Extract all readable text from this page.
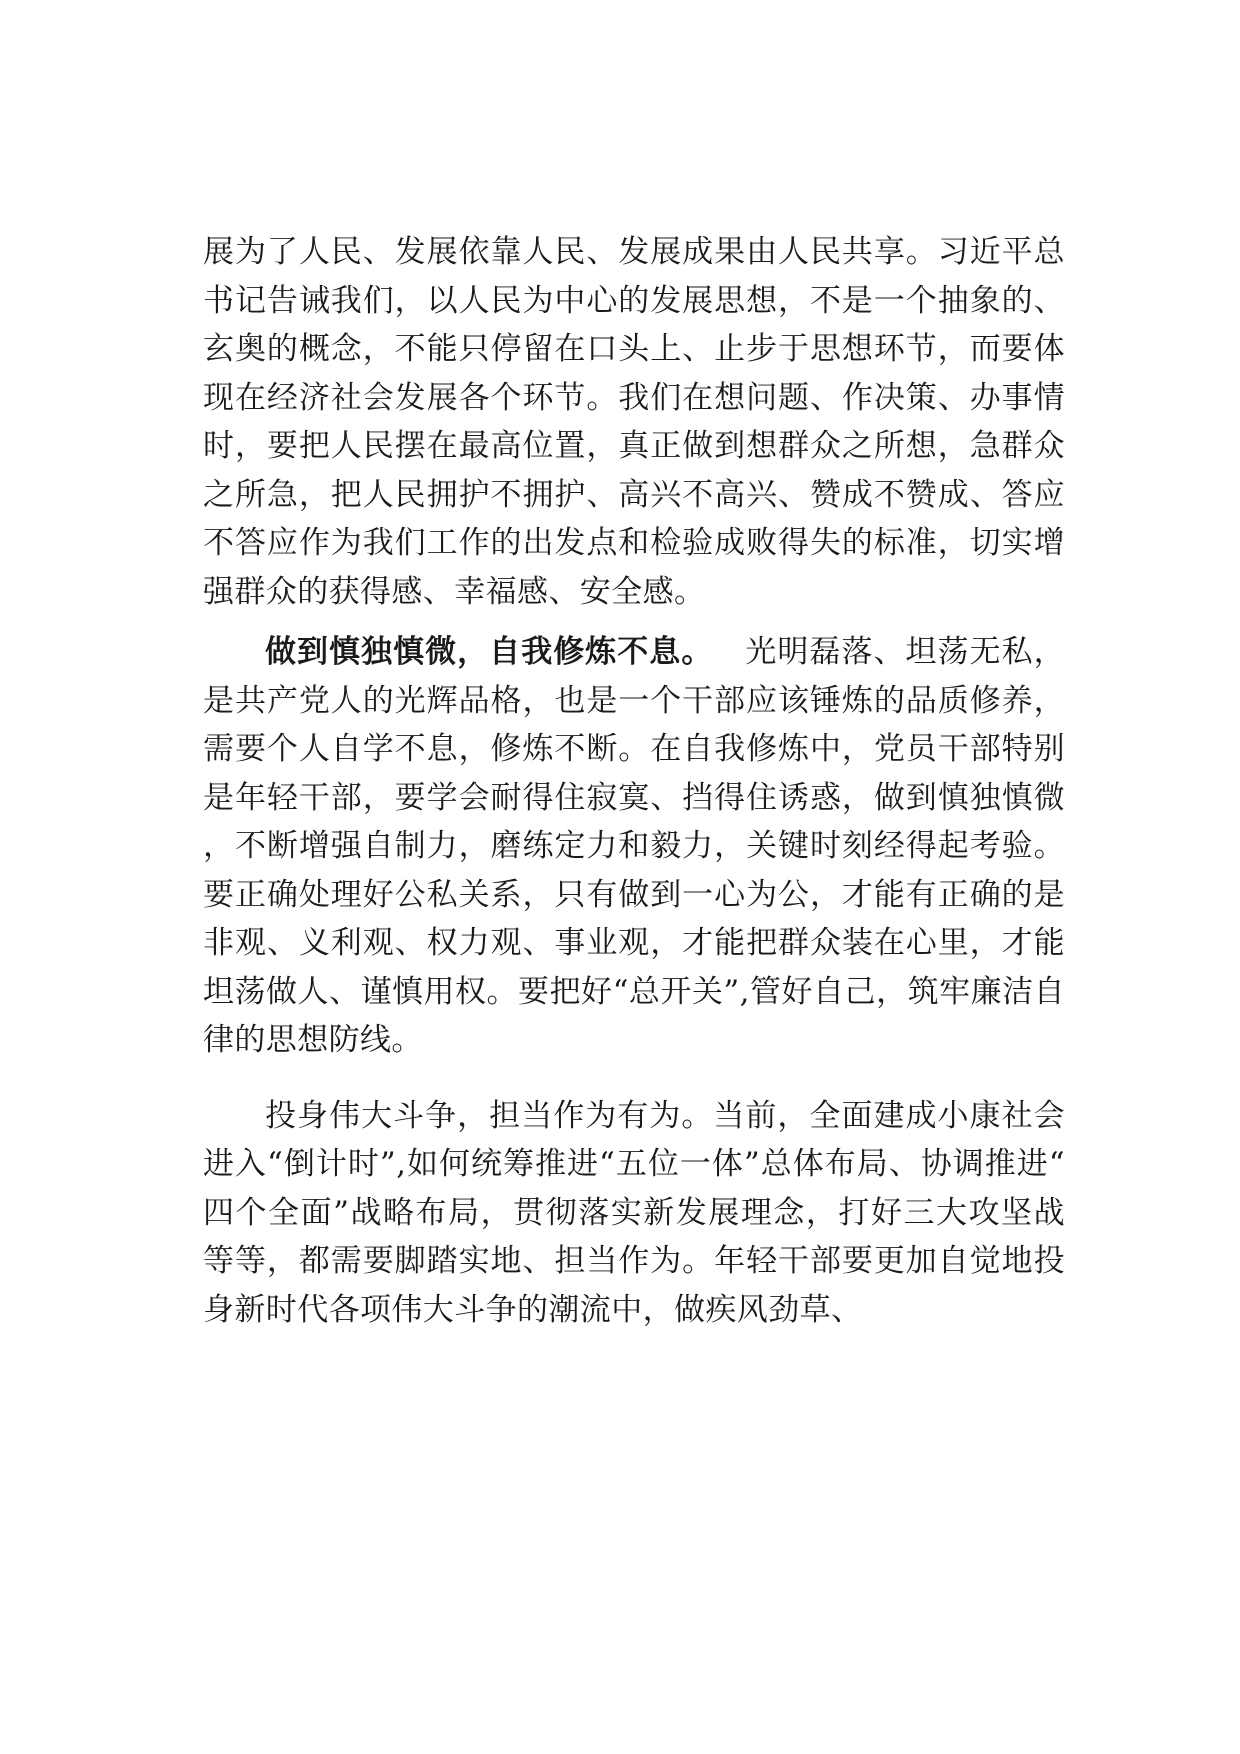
展为了人民、发展依靠人民、发展成果由人民共享。习近平总书记告诫我们，以人民为中心的发展思想，不是一个抽象的、玄奥的概念，不能只停留在口头上、止步于思想环节，而要体现在经济社会发展各个环节。我们在想问题、作决策、办事情时，要把人民摆在最高位置，真正做到想群众之所想，急群众之所急，把人民拥护不拥护、高兴不高兴、赞成不赞成、答应不答应作为我们工作的出发点和检验成败得失的标准，切实增强群众的获得感、幸福感、安全感。

做到慎独慎微，自我修炼不息。  光明磊落、坦荡无私，是共产党人的光辉品格，也是一个干部应该锤炼的品质修养，需要个人自学不息，修炼不断。在自我修炼中，党员干部特别是年轻干部，要学会耐得住寂寞、挡得住诱惑，做到慎独慎微，不断增强自制力，磨练定力和毅力，关键时刻经得起考验。要正确处理好公私关系，只有做到一心为公，才能有正确的是非观、义利观、权力观、事业观，才能把群众装在心里，才能坦荡做人、谨慎用权。要把好“总开关”,管好自己，筑牢廉洁自律的思想防线。

投身伟大斗争，担当作为有为。当前，全面建成小康社会进入“倒计时”,如何统筹推进“五位一体”总体布局、协调推进“四个全面”战略布局，贯彻落实新发展理念，打好三大攻坚战等等，都需要脚踏实地、担当作为。年轻干部要更加自觉地投身新时代各项伟大斗争的潮流中，做疾风劲草、
